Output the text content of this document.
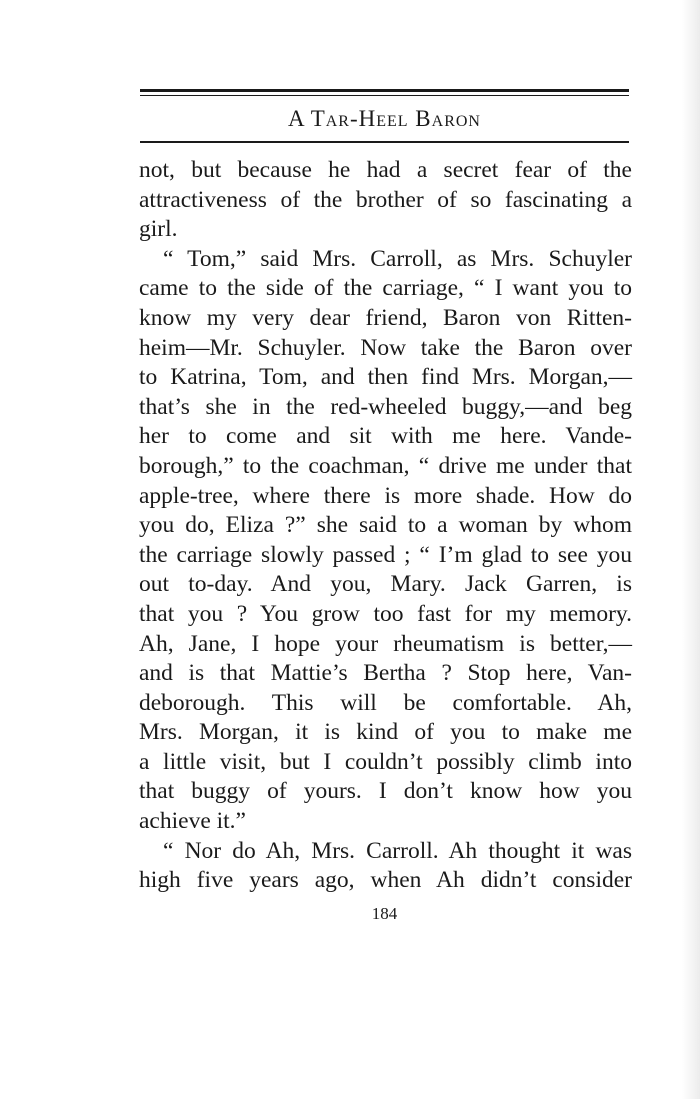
A Tar-Heel Baron
not, but because he had a secret fear of the
attractiveness of the brother of so fascinating a
girl.
“ Tom,” said Mrs. Carroll, as Mrs. Schuyler
came to the side of the carriage, “ I want you to
know my very dear friend, Baron von Ritten-
heim—Mr. Schuyler. Now take the Baron over
to Katrina, Tom, and then find Mrs. Morgan,—
that’s she in the red-wheeled buggy,—and beg
her to come and sit with me here. Vande-
borough,” to the coachman, “ drive me under that
apple-tree, where there is more shade. How do
you do, Eliza ?” she said to a woman by whom
the carriage slowly passed ; “ I’m glad to see you
out to-day. And you, Mary. Jack Garren, is
that you ? You grow too fast for my memory.
Ah, Jane, I hope your rheumatism is better,—
and is that Mattie’s Bertha ? Stop here, Van-
deborough. This will be comfortable. Ah,
Mrs. Morgan, it is kind of you to make me
a little visit, but I couldn’t possibly climb into
that buggy of yours. I don’t know how you
achieve it.”
“ Nor do Ah, Mrs. Carroll. Ah thought it was
high five years ago, when Ah didn’t consider
184
